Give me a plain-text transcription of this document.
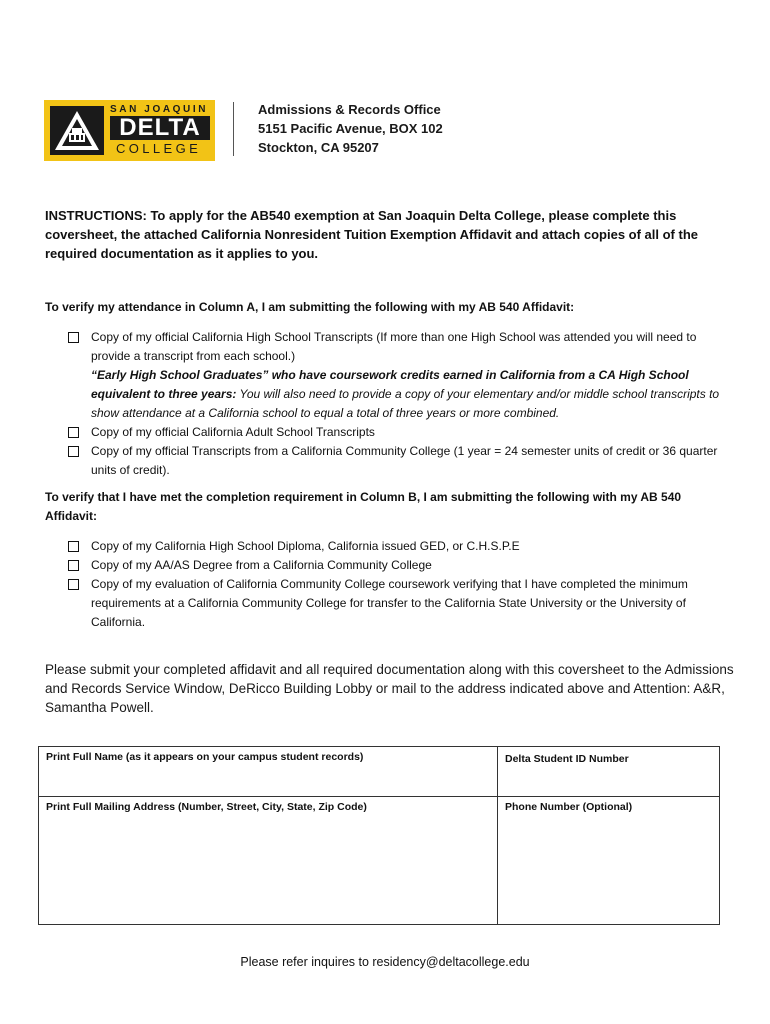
SAN JOAQUIN
DELTA
COLLEGE
Admissions & Records Office
5151 Pacific Avenue, BOX 102
Stockton, CA 95207
INSTRUCTIONS: To apply for the AB540 exemption at San Joaquin Delta College, please complete this coversheet, the attached California Nonresident Tuition Exemption Affidavit and attach copies of all of the required documentation as it applies to you.
To verify my attendance in Column A, I am submitting the following with my AB 540 Affidavit:
Copy of my official California High School Transcripts (If more than one High School was attended you will need to provide a transcript from each school.)
“Early High School Graduates” who have coursework credits earned in California from a CA High School equivalent to three years: You will also need to provide a copy of your elementary and/or middle school transcripts to show attendance at a California school to equal a total of three years or more combined.
Copy of my official California Adult School Transcripts
Copy of my official Transcripts from a California Community College (1 year = 24 semester units of credit or 36 quarter units of credit).
To verify that I have met the completion requirement in Column B, I am submitting the following with my AB 540 Affidavit:
Copy of my California High School Diploma, California issued GED, or C.H.S.P.E
Copy of my AA/AS Degree from a California Community College
Copy of my evaluation of California Community College coursework verifying that I have completed the minimum requirements at a California Community College for transfer to the California State University or the University of California.
Please submit your completed affidavit and all required documentation along with this coversheet to the Admissions and Records Service Window, DeRicco Building Lobby or mail to the address indicated above and Attention: A&R, Samantha Powell.
Print Full Name (as it appears on your campus student records)	Delta Student ID Number
Print Full Mailing Address (Number, Street, City, State, Zip Code)	Phone Number (Optional)
Please refer inquires to residency@deltacollege.edu
